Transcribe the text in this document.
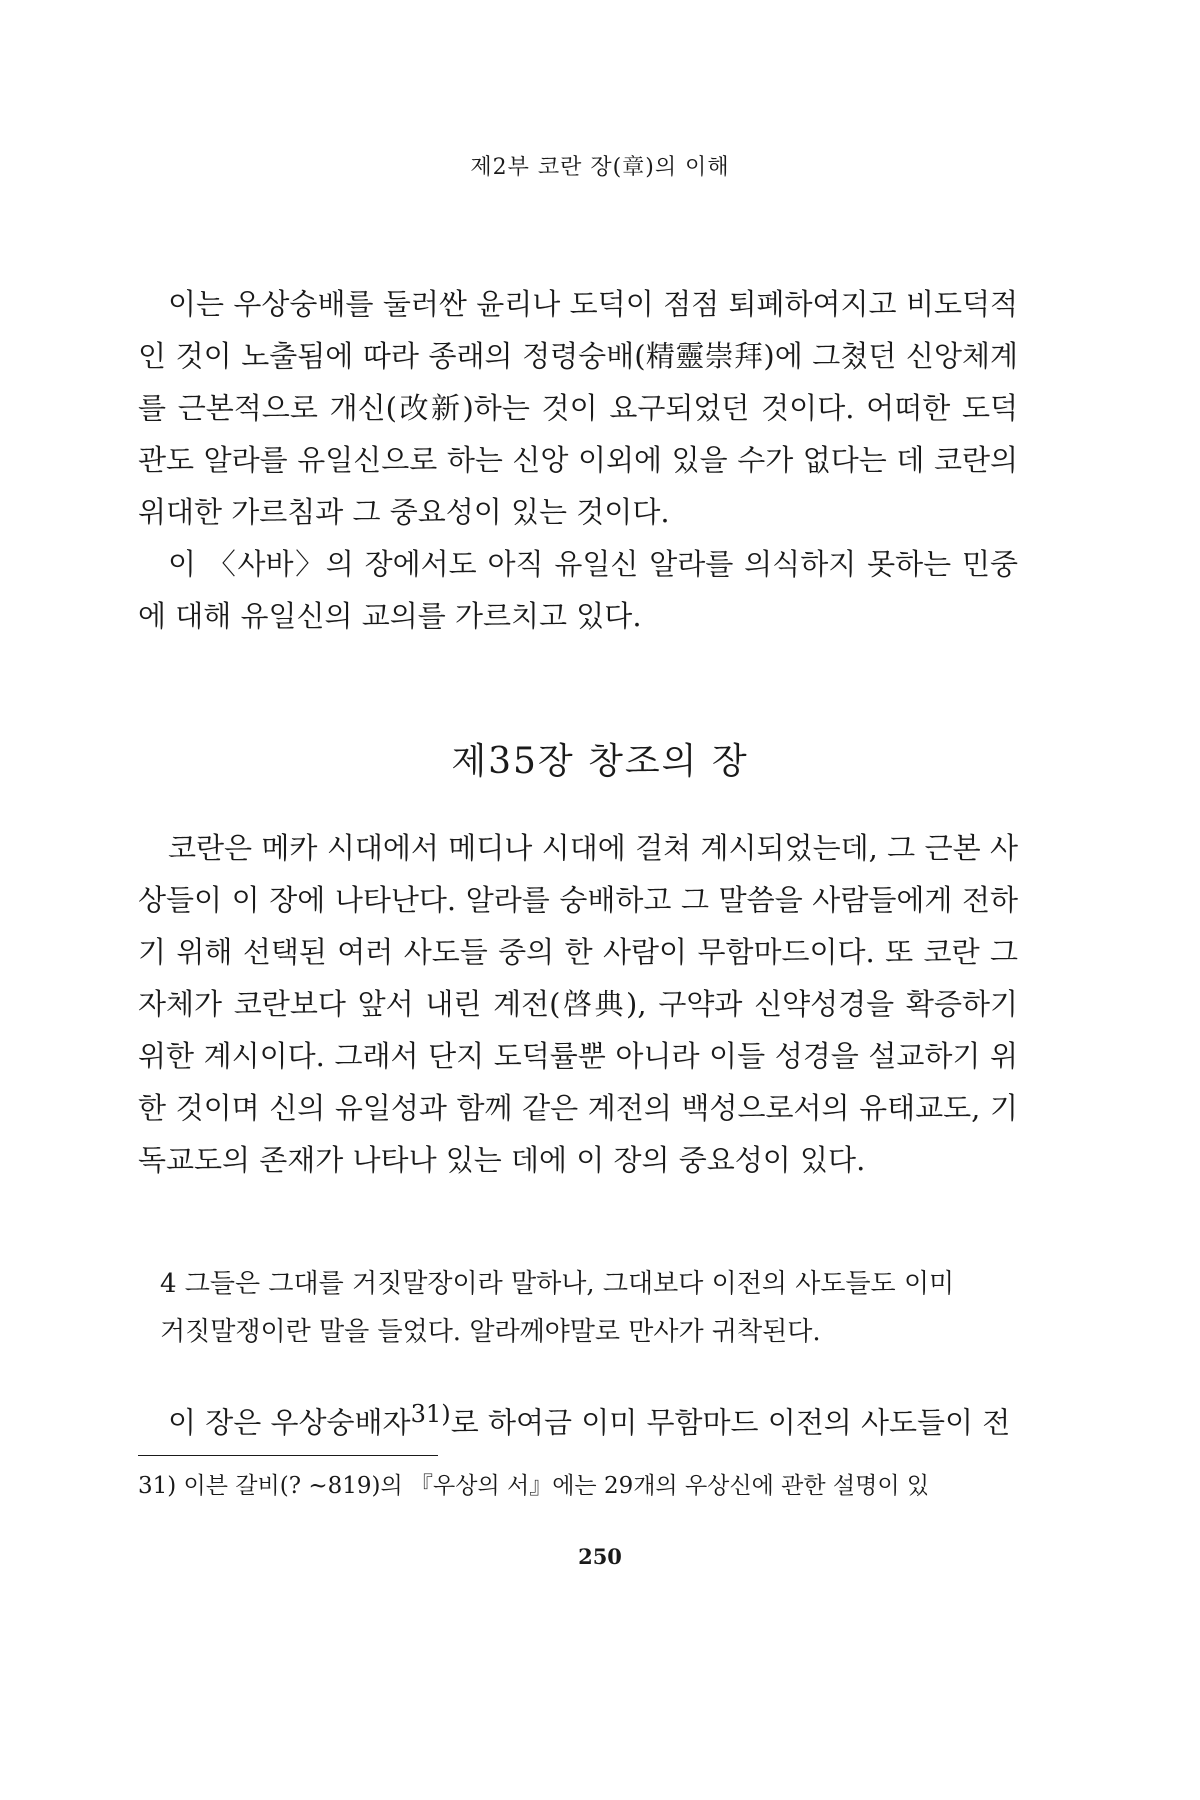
제2부 코란 장(章)의 이해

이는 우상숭배를 둘러싼 윤리나 도덕이 점점 퇴폐하여지고 비도덕적인 것이 노출됨에 따라 종래의 정령숭배(精靈崇拜)에 그쳤던 신앙체계를 근본적으로 개신(改新)하는 것이 요구되었던 것이다. 어떠한 도덕관도 알라를 유일신으로 하는 신앙 이외에 있을 수가 없다는 데 코란의 위대한 가르침과 그 중요성이 있는 것이다.

이 〈사바〉의 장에서도 아직 유일신 알라를 의식하지 못하는 민중에 대해 유일신의 교의를 가르치고 있다.

제35장 창조의 장

코란은 메카 시대에서 메디나 시대에 걸쳐 계시되었는데, 그 근본 사상들이 이 장에 나타난다. 알라를 숭배하고 그 말씀을 사람들에게 전하기 위해 선택된 여러 사도들 중의 한 사람이 무함마드이다. 또 코란 그 자체가 코란보다 앞서 내린 계전(啓典), 구약과 신약성경을 확증하기 위한 계시이다. 그래서 단지 도덕률뿐 아니라 이들 성경을 설교하기 위한 것이며 신의 유일성과 함께 같은 계전의 백성으로서의 유태교도, 기독교도의 존재가 나타나 있는 데에 이 장의 중요성이 있다.

4 그들은 그대를 거짓말장이라 말하나, 그대보다 이전의 사도들도 이미 거짓말쟁이란 말을 들었다. 알라께야말로 만사가 귀착된다.

이 장은 우상숭배자$^{31)}$로 하여금 이미 무함마드 이전의 사도들이 전

31) 이븐 갈비(? ~819)의 『우상의 서』에는 29개의 우상신에 관한 설명이 있
250
